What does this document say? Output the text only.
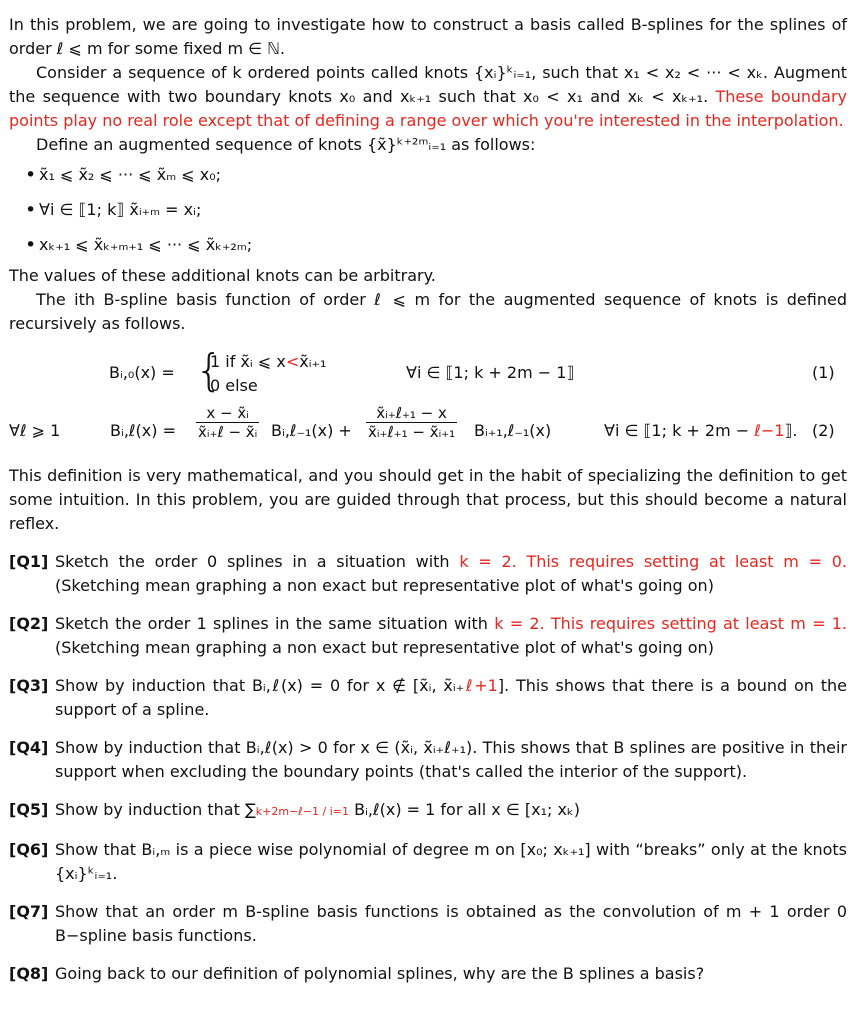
In this problem, we are going to investigate how to construct a basis called B-splines for the splines of order ℓ ⩽ m for some fixed m ∈ ℕ.

Consider a sequence of k ordered points called knots {xᵢ}ᵏᵢ₌₁, such that x₁ < x₂ < ··· < xₖ. Augment the sequence with two boundary knots x₀ and xₖ₊₁ such that x₀ < x₁ and xₖ < xₖ₊₁. These boundary points play no real role except that of defining a range over which you're interested in the interpolation.

Define an augmented sequence of knots {x̃}ᵏ⁺²ᵐᵢ₌₁ as follows:

• x̃₁ ⩽ x̃₂ ⩽ ··· ⩽ x̃ₘ ⩽ x₀;
• ∀i ∈ ⟦1; k⟧ x̃ᵢ₊ₘ = xᵢ;
• xₖ₊₁ ⩽ x̃ₖ₊ₘ₊₁ ⩽ ··· ⩽ x̃ₖ₊₂ₘ;

The values of these additional knots can be arbitrary.

The ith B-spline basis function of order ℓ ⩽ m for the augmented sequence of knots is defined recursively as follows.

Bᵢ,₀(x) = {
1 if x̃ᵢ ⩽ x<x̃ᵢ₊₁
0 else
∀i ∈ ⟦1; k + 2m − 1⟧	(1)
∀ℓ ⩾ 1	Bᵢ,ℓ(x) =
x − x̃ᵢ
x̃ᵢ₊ℓ − x̃ᵢ Bᵢ,ℓ₋₁(x) +
x̃ᵢ₊ℓ₊₁ − x
x̃ᵢ₊ℓ₊₁ − x̃ᵢ₊₁ Bᵢ₊₁,ℓ₋₁(x)	∀i ∈ ⟦1; k + 2m − ℓ−1⟧. (2)

This definition is very mathematical, and you should get in the habit of specializing the definition to get some intuition. In this problem, you are guided through that process, but this should become a natural reflex.

[Q1] Sketch the order 0 splines in a situation with k = 2. This requires setting at least m = 0. (Sketching mean graphing a non exact but representative plot of what's going on)

[Q2] Sketch the order 1 splines in the same situation with k = 2. This requires setting at least m = 1. (Sketching mean graphing a non exact but representative plot of what's going on)

[Q3] Show by induction that Bᵢ,ℓ(x) = 0 for x ∉ [x̃ᵢ, x̃ᵢ₊ℓ+1]. This shows that there is a bound on the support of a spline.

[Q4] Show by induction that Bᵢ,ℓ(x) > 0 for x ∈ (x̃ᵢ, x̃ᵢ₊ℓ₊₁). This shows that B splines are positive in their support when excluding the boundary points (that's called the interior of the support).

[Q5] Show by induction that ∑k+2m−ℓ−1 / i=1 Bᵢ,ℓ(x) = 1 for all x ∈ [x₁; xₖ)

[Q6] Show that Bᵢ,ₘ is a piece wise polynomial of degree m on [x₀; xₖ₊₁] with “breaks” only at the knots {xᵢ}ᵏᵢ₌₁.

[Q7] Show that an order m B-spline basis functions is obtained as the convolution of m + 1 order 0 B−spline basis functions.

[Q8] Going back to our definition of polynomial splines, why are the B splines a basis?
